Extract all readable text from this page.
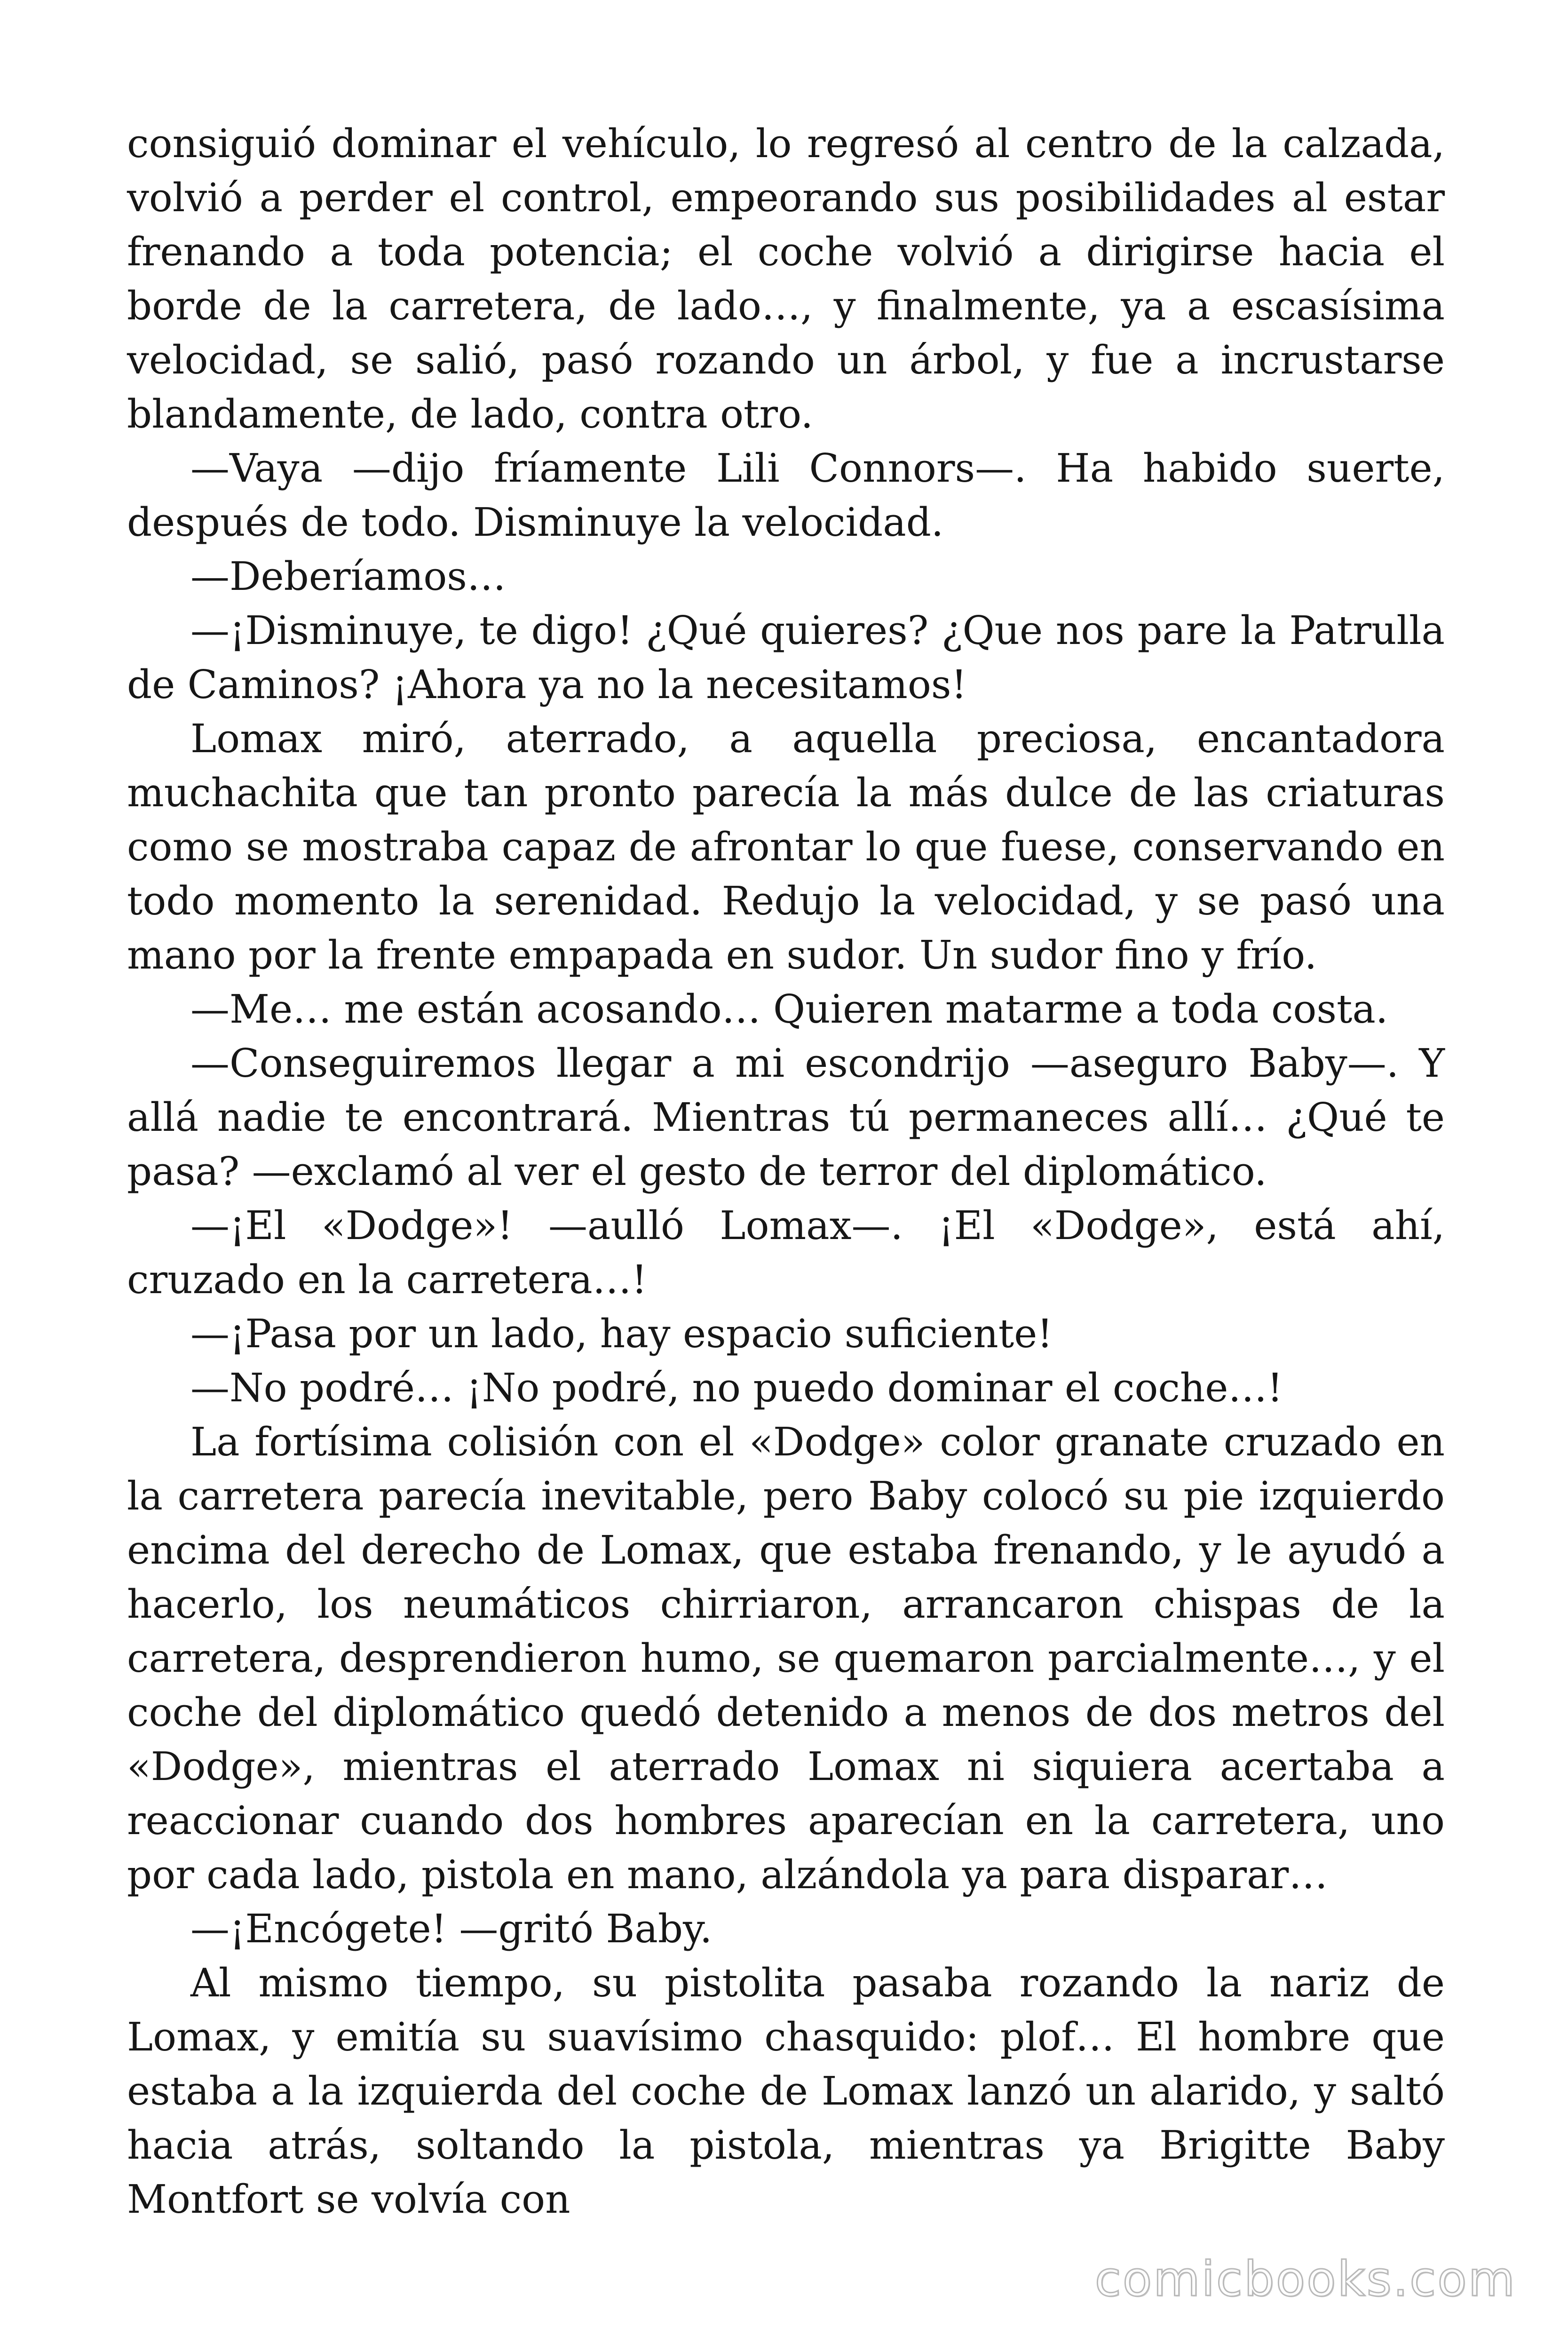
consiguió dominar el vehículo, lo regresó al centro de la calzada, volvió a perder el control, empeorando sus posibilidades al estar frenando a toda potencia; el coche volvió a dirigirse hacia el borde de la carretera, de lado…, y finalmente, ya a escasísima velocidad, se salió, pasó rozando un árbol, y fue a incrustarse blandamente, de lado, contra otro.

—Vaya —dijo fríamente Lili Connors—. Ha habido suerte, después de todo. Disminuye la velocidad.

—Deberíamos…

—¡Disminuye, te digo! ¿Qué quieres? ¿Que nos pare la Patrulla de Caminos? ¡Ahora ya no la necesitamos!

Lomax miró, aterrado, a aquella preciosa, encantadora muchachita que tan pronto parecía la más dulce de las criaturas como se mostraba capaz de afrontar lo que fuese, conservando en todo momento la serenidad. Redujo la velocidad, y se pasó una mano por la frente empapada en sudor. Un sudor fino y frío.

—Me… me están acosando… Quieren matarme a toda costa.

—Conseguiremos llegar a mi escondrijo —aseguro Baby—. Y allá nadie te encontrará. Mientras tú permaneces allí… ¿Qué te pasa? —exclamó al ver el gesto de terror del diplomático.

—¡El «Dodge»! —aulló Lomax—. ¡El «Dodge», está ahí, cruzado en la carretera…!

—¡Pasa por un lado, hay espacio suficiente!

—No podré… ¡No podré, no puedo dominar el coche…!

La fortísima colisión con el «Dodge» color granate cruzado en la carretera parecía inevitable, pero Baby colocó su pie izquierdo encima del derecho de Lomax, que estaba frenando, y le ayudó a hacerlo, los neumáticos chirriaron, arrancaron chispas de la carretera, desprendieron humo, se quemaron parcialmente…, y el coche del diplomático quedó detenido a menos de dos metros del «Dodge», mientras el aterrado Lomax ni siquiera acertaba a reaccionar cuando dos hombres aparecían en la carretera, uno por cada lado, pistola en mano, alzándola ya para disparar…

—¡Encógete! —gritó Baby.

Al mismo tiempo, su pistolita pasaba rozando la nariz de Lomax, y emitía su suavísimo chasquido: plof… El hombre que estaba a la izquierda del coche de Lomax lanzó un alarido, y saltó hacia atrás, soltando la pistola, mientras ya Brigitte Baby Montfort se volvía con

comicbooks.com
